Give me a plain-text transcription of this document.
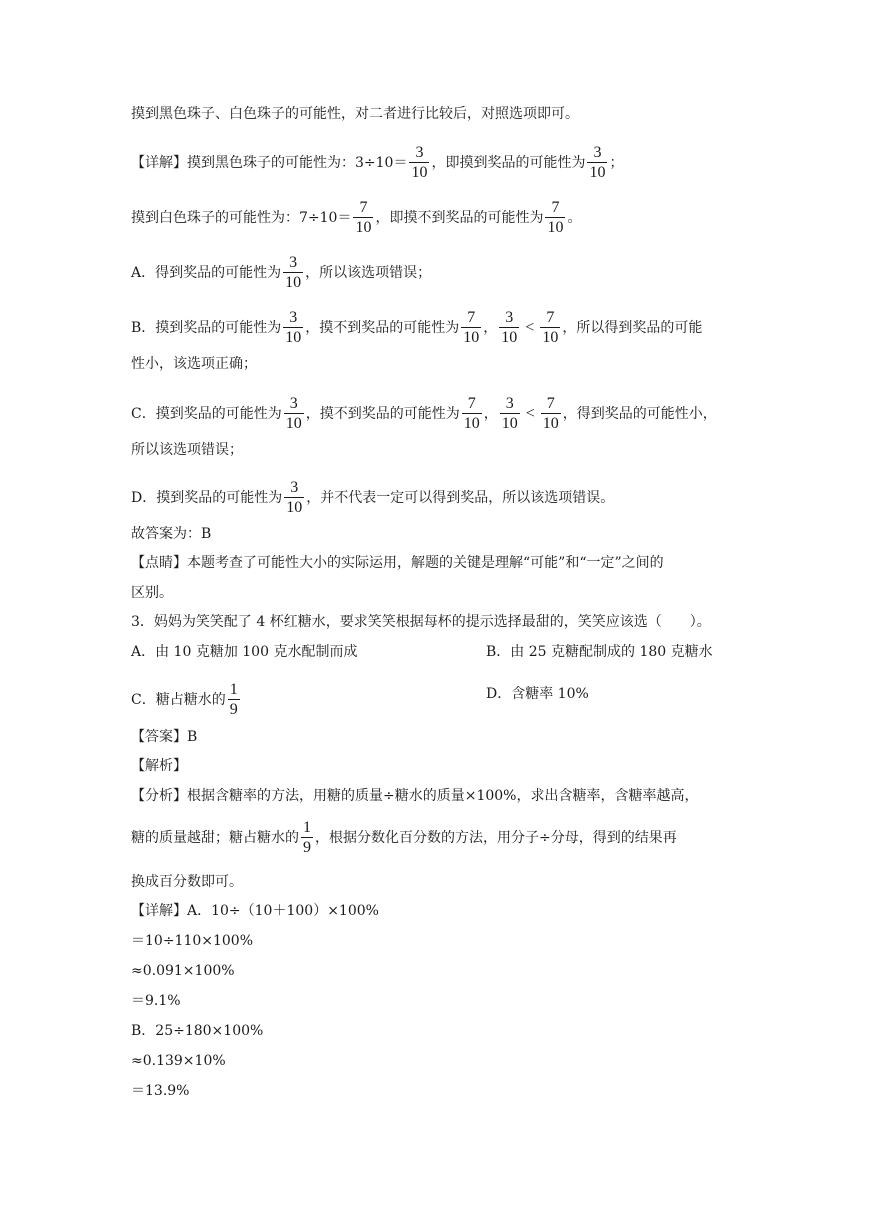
摸到黑色珠子、白色珠子的可能性，对二者进行比较后，对照选项即可。
【详解】摸到黑色珠子的可能性为：$3\div 10= \frac{3}{10}$ ，即摸到奖品的可能性为 $\frac{3}{10}$ ；
摸到白色珠子的可能性为：$7\div 10= \frac{7}{10}$ ，即摸不到奖品的可能性为 $\frac{7}{10}$ 。
A．得到奖品的可能性为 $\frac{3}{10}$ ，所以该选项错误；
B．摸到奖品的可能性为 $\frac{3}{10}$ ，摸不到奖品的可能性为 $\frac{7}{10}$ ， $\frac{3}{10} < \frac{7}{10}$ ，所以得到奖品的可能
性小，该选项正确；
C．摸到奖品的可能性为 $\frac{3}{10}$ ，摸不到奖品的可能性为 $\frac{7}{10}$ ， $\frac{3}{10} < \frac{7}{10}$ ，得到奖品的可能性小，
所以该选项错误；
D．摸到奖品的可能性为 $\frac{3}{10}$ ，并不代表一定可以得到奖品，所以该选项错误。
故答案为：B
【点睛】本题考查了可能性大小的实际运用，解题的关键是理解“可能”和“一定”之间的
区别。
3．妈妈为笑笑配了 4 杯红糖水，要求笑笑根据每杯的提示选择最甜的，笑笑应该选（　　）。
A．由 10 克糖加 100 克水配制而成	B．由 25 克糖配制成的 180 克糖水
C．糖占糖水的 $\frac{1}{9}$	D．含糖率 10%
【答案】B
【解析】
【分析】根据含糖率的方法，用糖的质量÷糖水的质量×100%，求出含糖率，含糖率越高，
糖的质量越甜；糖占糖水的 $\frac{1}{9}$ ，根据分数化百分数的方法，用分子÷分母，得到的结果再
换成百分数即可。
【详解】A．10÷（10＋100）×100%
＝10÷110×100%
≈0.091×100%
＝9.1%
B．25÷180×100%
≈0.139×10%
＝13.9%
